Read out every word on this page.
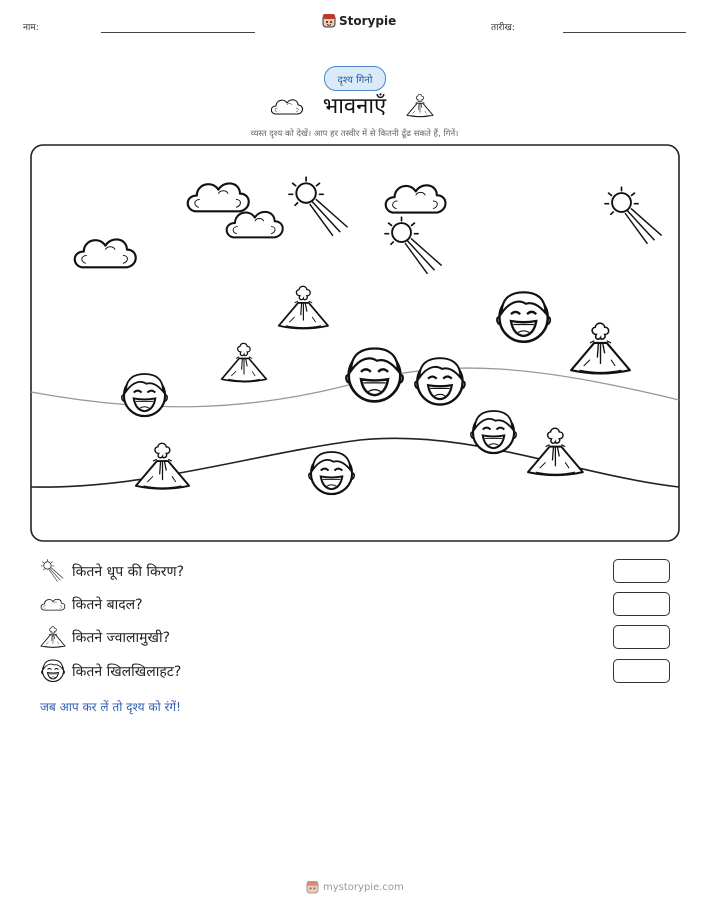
नाम:
Storypie
तारीख:
दृश्य गिनो
भावनाएँ
व्यस्त दृश्य को देखें। आप हर तस्वीर में से कितनी ढूँढ सकते हैं, गिनें।
कितने धूप की किरण?
कितने बादल?
कितने ज्वालामुखी?
कितने खिलखिलाहट?
जब आप कर लें तो दृश्य को रंगें!
mystorypie.com
